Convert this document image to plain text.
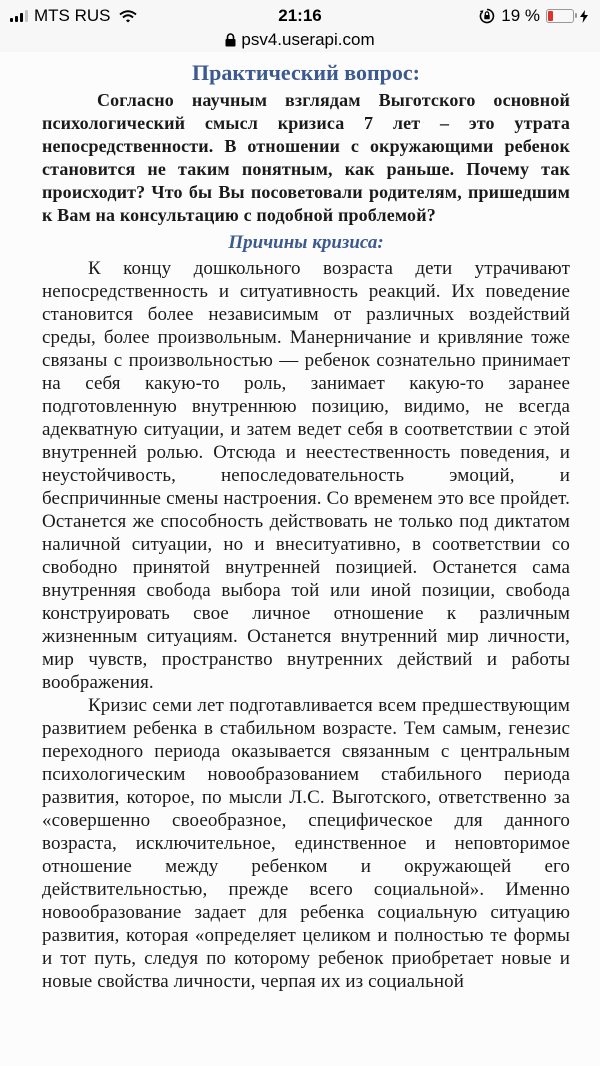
MTS RUS	21:16	19 %
psv4.userapi.com
Практический вопрос:

Согласно научным взглядам Выготского основной психологический смысл кризиса 7 лет – это утрата непосредственности. В отношении с окружающими ребенок становится не таким понятным, как раньше. Почему так происходит? Что бы Вы посоветовали родителям, пришедшим к Вам на консультацию с подобной проблемой?

Причины кризиса:

К концу дошкольного возраста дети утрачивают непосредственность и ситуативность реакций. Их поведение становится более независимым от различных воздействий среды, более произвольным. Манерничание и кривляние тоже связаны с произвольностью — ребенок сознательно принимает на себя какую-то роль, занимает какую-то заранее подготовленную внутреннюю позицию, видимо, не всегда адекватную ситуации, и затем ведет себя в соответствии с этой внутренней ролью. Отсюда и неестественность поведения, и неустойчивость, непоследовательность эмоций, и беспричинные смены настроения. Со временем это все пройдет. Останется же способность действовать не только под диктатом наличной ситуации, но и внеситуативно, в соответствии со свободно принятой внутренней позицией. Останется сама внутренняя свобода выбора той или иной позиции, свобода конструировать свое личное отношение к различным жизненным ситуациям. Останется внутренний мир личности, мир чувств, пространство внутренних действий и работы воображения.

Кризис семи лет подготавливается всем предшествующим развитием ребенка в стабильном возрасте. Тем самым, генезис переходного периода оказывается связанным с центральным психологическим новообразованием стабильного периода развития, которое, по мысли Л.С. Выготского, ответственно за «совершенно своеобразное, специфическое для данного возраста, исключительное, единственное и неповторимое отношение между ребенком и окружающей его действительностью, прежде всего социальной». Именно новообразование задает для ребенка социальную ситуацию развития, которая «определяет целиком и полностью те формы и тот путь, следуя по которому ребенок приобретает новые и новые свойства личности, черпая их из социальной
